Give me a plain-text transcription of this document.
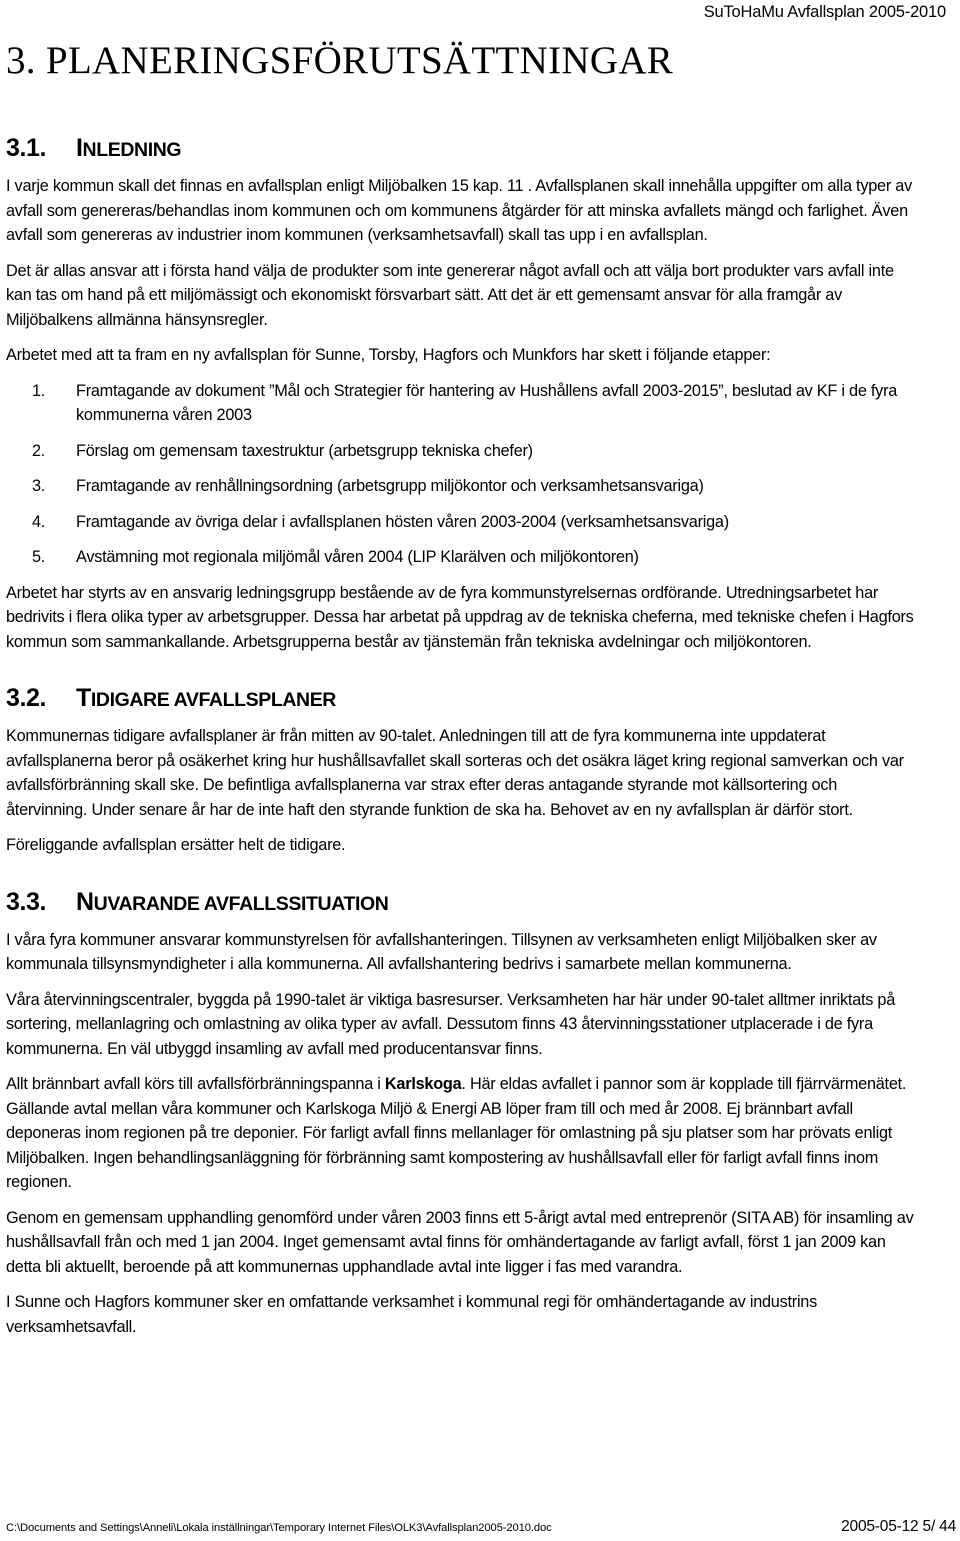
SuToHaMu Avfallsplan 2005-2010
3. PLANERINGSFÖRUTSÄTTNINGAR
3.1. INLEDNING

I varje kommun skall det finnas en avfallsplan enligt Miljöbalken 15 kap. 11 . Avfallsplanen skall innehålla uppgifter om alla typer av avfall som genereras/behandlas inom kommunen och om kommunens åtgärder för att minska avfallets mängd och farlighet. Även avfall som genereras av industrier inom kommunen (verksamhetsavfall) skall tas upp i en avfallsplan.

Det är allas ansvar att i första hand välja de produkter som inte genererar något avfall och att välja bort produkter vars avfall inte kan tas om hand på ett miljömässigt och ekonomiskt försvarbart sätt. Att det är ett gemensamt ansvar för alla framgår av Miljöbalkens allmänna hänsynsregler.

Arbetet med att ta fram en ny avfallsplan för Sunne, Torsby, Hagfors och Munkfors har skett i följande etapper:

1. Framtagande av dokument ”Mål och Strategier för hantering av Hushållens avfall 2003-2015”, beslutad av KF i de fyra kommunerna våren 2003
2. Förslag om gemensam taxestruktur (arbetsgrupp tekniska chefer)
3. Framtagande av renhållningsordning (arbetsgrupp miljökontor och verksamhetsansvariga)
4. Framtagande av övriga delar i avfallsplanen hösten våren 2003-2004 (verksamhetsansvariga)
5. Avstämning mot regionala miljömål våren 2004 (LIP Klarälven och miljökontoren)

Arbetet har styrts av en ansvarig ledningsgrupp bestående av de fyra kommunstyrelsernas ordförande. Utredningsarbetet har bedrivits i flera olika typer av arbetsgrupper. Dessa har arbetat på uppdrag av de tekniska cheferna, med tekniske chefen i Hagfors kommun som sammankallande. Arbetsgrupperna består av tjänstemän från tekniska avdelningar och miljökontoren.

3.2. TIDIGARE AVFALLSPLANER

Kommunernas tidigare avfallsplaner är från mitten av 90-talet. Anledningen till att de fyra kommunerna inte uppdaterat avfallsplanerna beror på osäkerhet kring hur hushållsavfallet skall sorteras och det osäkra läget kring regional samverkan och var avfallsförbränning skall ske. De befintliga avfallsplanerna var strax efter deras antagande styrande mot källsortering och återvinning. Under senare år har de inte haft den styrande funktion de ska ha. Behovet av en ny avfallsplan är därför stort.

Föreliggande avfallsplan ersätter helt de tidigare.

3.3. NUVARANDE AVFALLSSITUATION

I våra fyra kommuner ansvarar kommunstyrelsen för avfallshanteringen. Tillsynen av verksamheten enligt Miljöbalken sker av kommunala tillsynsmyndigheter i alla kommunerna. All avfallshantering bedrivs i samarbete mellan kommunerna.

Våra återvinningscentraler, byggda på 1990-talet är viktiga basresurser. Verksamheten har här under 90-talet alltmer inriktats på sortering, mellanlagring och omlastning av olika typer av avfall. Dessutom finns 43 återvinningsstationer utplacerade i de fyra kommunerna. En väl utbyggd insamling av avfall med producentansvar finns.

Allt brännbart avfall körs till avfallsförbränningspanna i Karlskoga. Här eldas avfallet i pannor som är kopplade till fjärrvärmenätet. Gällande avtal mellan våra kommuner och Karlskoga Miljö & Energi AB löper fram till och med år 2008. Ej brännbart avfall deponeras inom regionen på tre deponier. För farligt avfall finns mellanlager för omlastning på sju platser som har prövats enligt Miljöbalken. Ingen behandlingsanläggning för förbränning samt kompostering av hushållsavfall eller för farligt avfall finns inom regionen.

Genom en gemensam upphandling genomförd under våren 2003 finns ett 5-årigt avtal med entreprenör (SITA AB) för insamling av hushållsavfall från och med 1 jan 2004. Inget gemensamt avtal finns för omhändertagande av farligt avfall, först 1 jan 2009 kan detta bli aktuellt, beroende på att kommunernas upphandlade avtal inte ligger i fas med varandra.

I Sunne och Hagfors kommuner sker en omfattande verksamhet i kommunal regi för omhändertagande av industrins verksamhetsavfall.

C:\Documents and Settings\Anneli\Lokala inställningar\Temporary Internet Files\OLK3\Avfallsplan2005-2010.doc	2005-05-12 5/ 44
